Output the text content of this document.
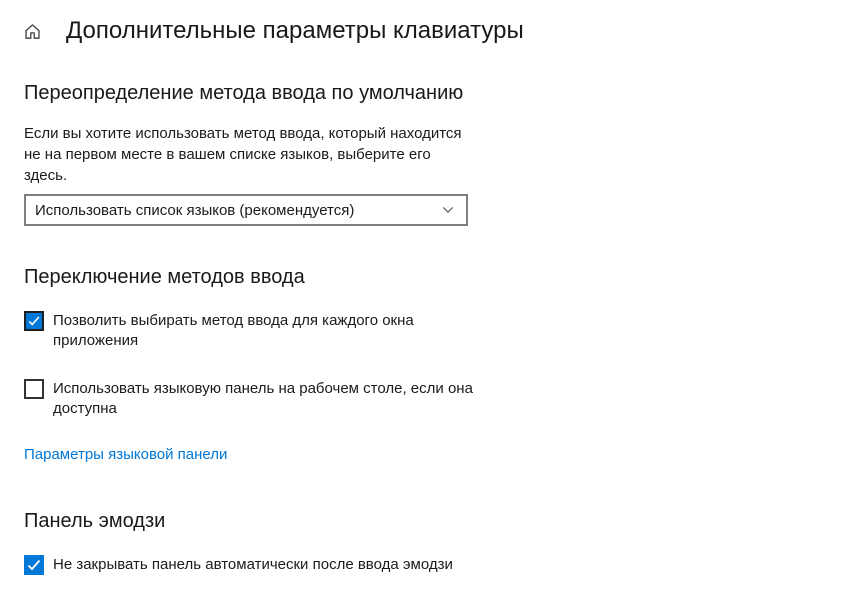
Дополнительные параметры клавиатуры
Переопределение метода ввода по умолчанию
Если вы хотите использовать метод ввода, который находится
не на первом месте в вашем списке языков, выберите его
здесь.
Использовать список языков (рекомендуется)
Переключение методов ввода
Позволить выбирать метод ввода для каждого окна
приложения
Использовать языковую панель на рабочем столе, если она
доступна
Параметры языковой панели
Панель эмодзи
Не закрывать панель автоматически после ввода эмодзи
